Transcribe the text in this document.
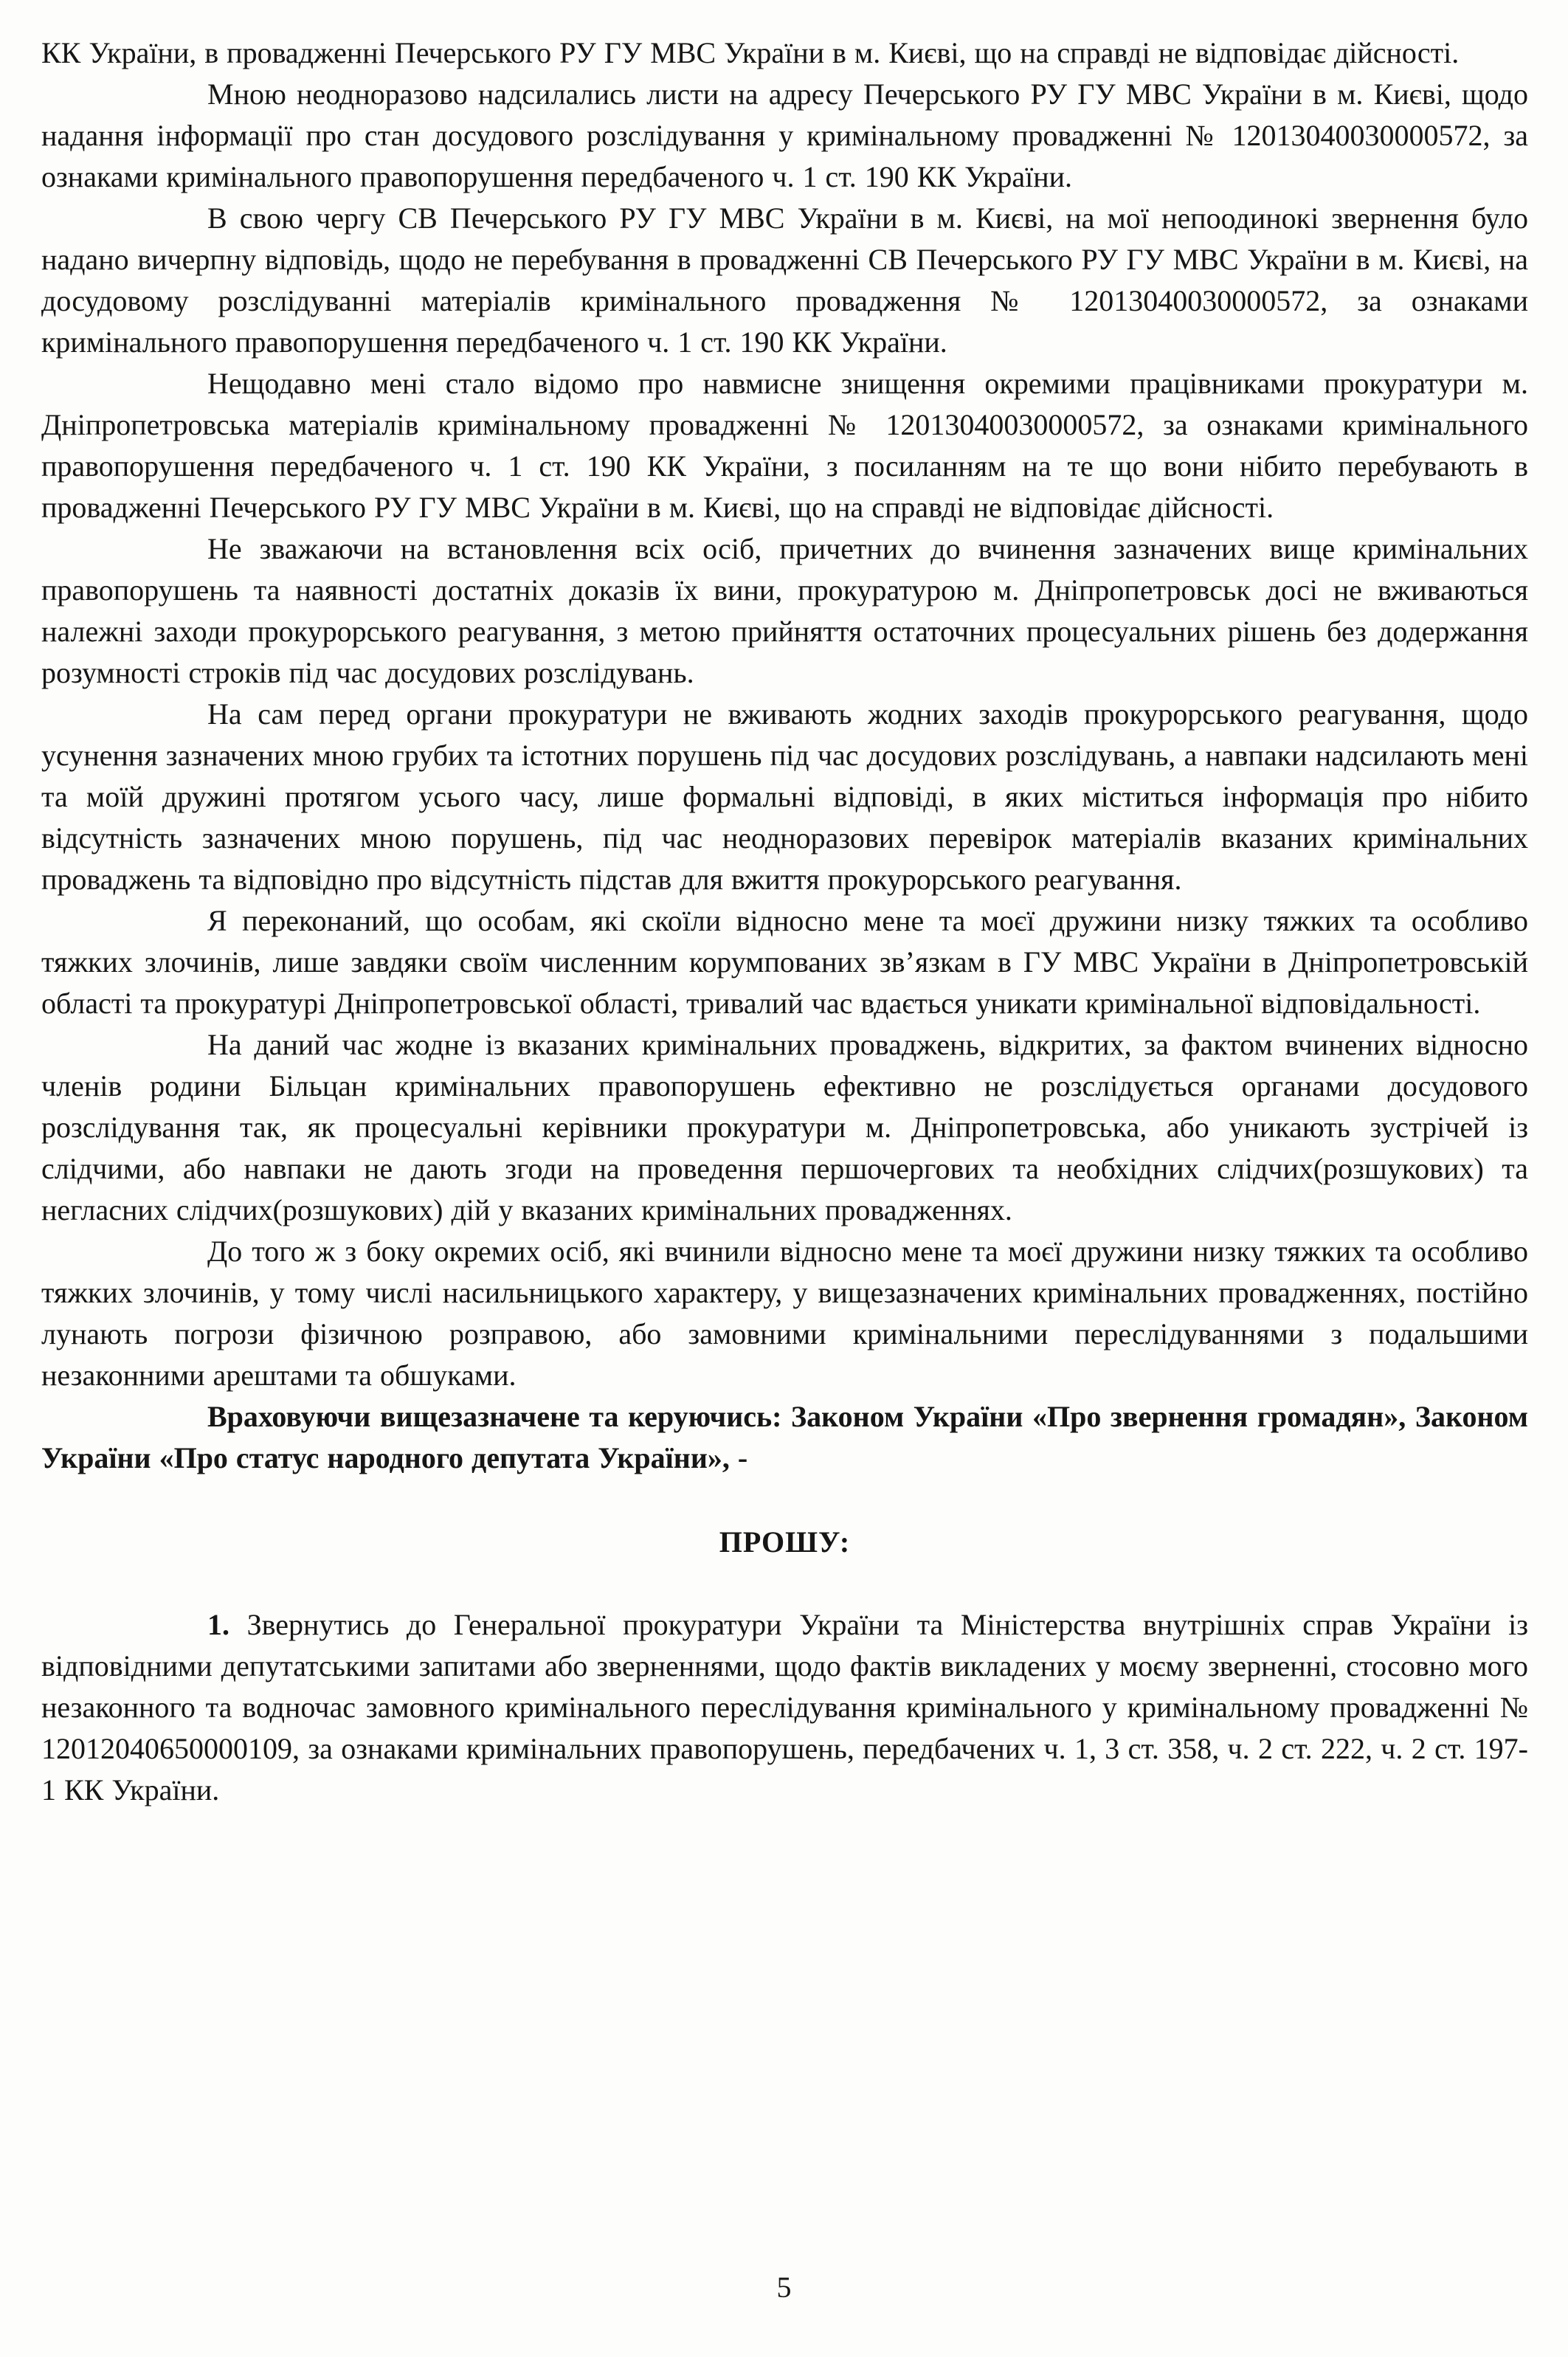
КК України, в провадженні Печерського РУ ГУ МВС України в м. Києві, що на справді не відповідає дійсності.

Мною неодноразово надсилались листи на адресу Печерського РУ ГУ МВС України в м. Києві, щодо надання інформації про стан досудового розслідування у кримінальному провадженні № 12013040030000572, за ознаками кримінального правопорушення передбаченого ч. 1 ст. 190 КК України.

В свою чергу СВ Печерського РУ ГУ МВС України в м. Києві, на мої непоодинокі звернення було надано вичерпну відповідь, щодо не перебування в провадженні СВ Печерського РУ ГУ МВС України в м. Києві, на досудовому розслідуванні матеріалів кримінального провадження № 12013040030000572, за ознаками кримінального правопорушення передбаченого ч. 1 ст. 190 КК України.

Нещодавно мені стало відомо про навмисне знищення окремими працівниками прокуратури м. Дніпропетровська матеріалів кримінальному провадженні № 12013040030000572, за ознаками кримінального правопорушення передбаченого ч. 1 ст. 190 КК України, з посиланням на те що вони нібито перебувають в провадженні Печерського РУ ГУ МВС України в м. Києві, що на справді не відповідає дійсності.

Не зважаючи на встановлення всіх осіб, причетних до вчинення зазначених вище кримінальних правопорушень та наявності достатніх доказів їх вини, прокуратурою м. Дніпропетровськ досі не вживаються належні заходи прокурорського реагування, з метою прийняття остаточних процесуальних рішень без додержання розумності строків під час досудових розслідувань.

На сам перед органи прокуратури не вживають жодних заходів прокурорського реагування, щодо усунення зазначених мною грубих та істотних порушень під час досудових розслідувань, а навпаки надсилають мені та моїй дружині протягом усього часу, лише формальні відповіді, в яких міститься інформація про нібито відсутність зазначених мною порушень, під час неодноразових перевірок матеріалів вказаних кримінальних проваджень та відповідно про відсутність підстав для вжиття прокурорського реагування.

Я переконаний, що особам, які скоїли відносно мене та моєї дружини низку тяжких та особливо тяжких злочинів, лише завдяки своїм численним корумпованих зв’язкам в ГУ МВС України в Дніпропетровській області та прокуратурі Дніпропетровської області, тривалий час вдається уникати кримінальної відповідальності.

На даний час жодне із вказаних кримінальних проваджень, відкритих, за фактом вчинених відносно членів родини Більцан кримінальних правопорушень ефективно не розслідується органами досудового розслідування так, як процесуальні керівники прокуратури м. Дніпропетровська, або уникають зустрічей із слідчими, або навпаки не дають згоди на проведення першочергових та необхідних слідчих(розшукових) та негласних слідчих(розшукових) дій у вказаних кримінальних провадженнях.

До того ж з боку окремих осіб, які вчинили відносно мене та моєї дружини низку тяжких та особливо тяжких злочинів, у тому числі насильницького характеру, у вищезазначених кримінальних провадженнях, постійно лунають погрози фізичною розправою, або замовними кримінальними переслідуваннями з подальшими незаконними арештами та обшуками.

Враховуючи вищезазначене та керуючись: Законом України «Про звернення громадян», Законом України «Про статус народного депутата України», -

ПРОШУ:

1. Звернутись до Генеральної прокуратури України та Міністерства внутрішніх справ України із відповідними депутатськими запитами або зверненнями, щодо фактів викладених у моєму зверненні, стосовно мого незаконного та водночас замовного кримінального переслідування кримінального у кримінальному провадженні № 12012040650000109, за ознаками кримінальних правопорушень, передбачених ч. 1, 3 ст. 358, ч. 2 ст. 222, ч. 2 ст. 197-1 КК України.

5
